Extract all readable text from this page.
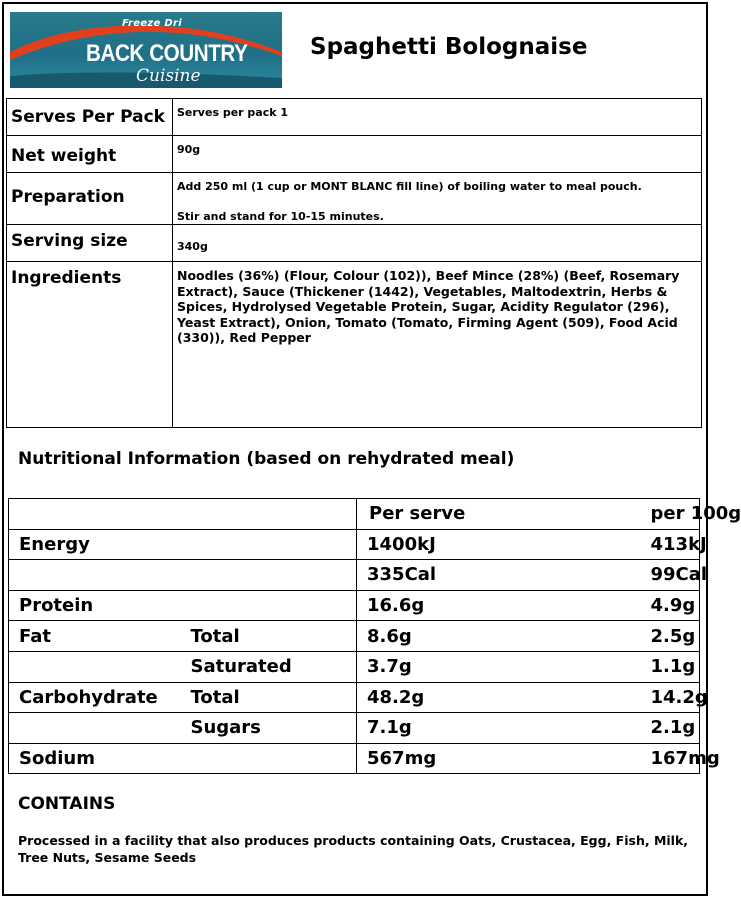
Freeze Dri
BACK COUNTRY
Cuisine
Spaghetti Bolognaise
Serves Per Pack	Serves per pack 1
Net weight	90g
Preparation	Add 250 ml (1 cup or MONT BLANC fill line) of boiling water to meal pouch.
Stir and stand for 10-15 minutes.

Serving size	340g
Ingredients	Noodles (36%) (Flour, Colour (102)), Beef Mince (28%) (Beef, Rosemary Extract), Sauce (Thickener (1442), Vegetables, Maltodextrin, Herbs & Spices, Hydrolysed Vegetable Protein, Sugar, Acidity Regulator (296), Yeast Extract), Onion, Tomato (Tomato, Firming Agent (509), Food Acid (330)), Red Pepper
Nutritional Information (based on rehydrated meal)
		Per serve	per 100g
Energy		1400kJ	413kJ
		335Cal	99Cal
Protein		16.6g	4.9g
Fat	Total	8.6g	2.5g
	Saturated	3.7g	1.1g
Carbohydrate	Total	48.2g	14.2g
	Sugars	7.1g	2.1g
Sodium		567mg	167mg
CONTAINS
Processed in a facility that also produces products containing Oats, Crustacea, Egg, Fish, Milk, Tree Nuts, Sesame Seeds
